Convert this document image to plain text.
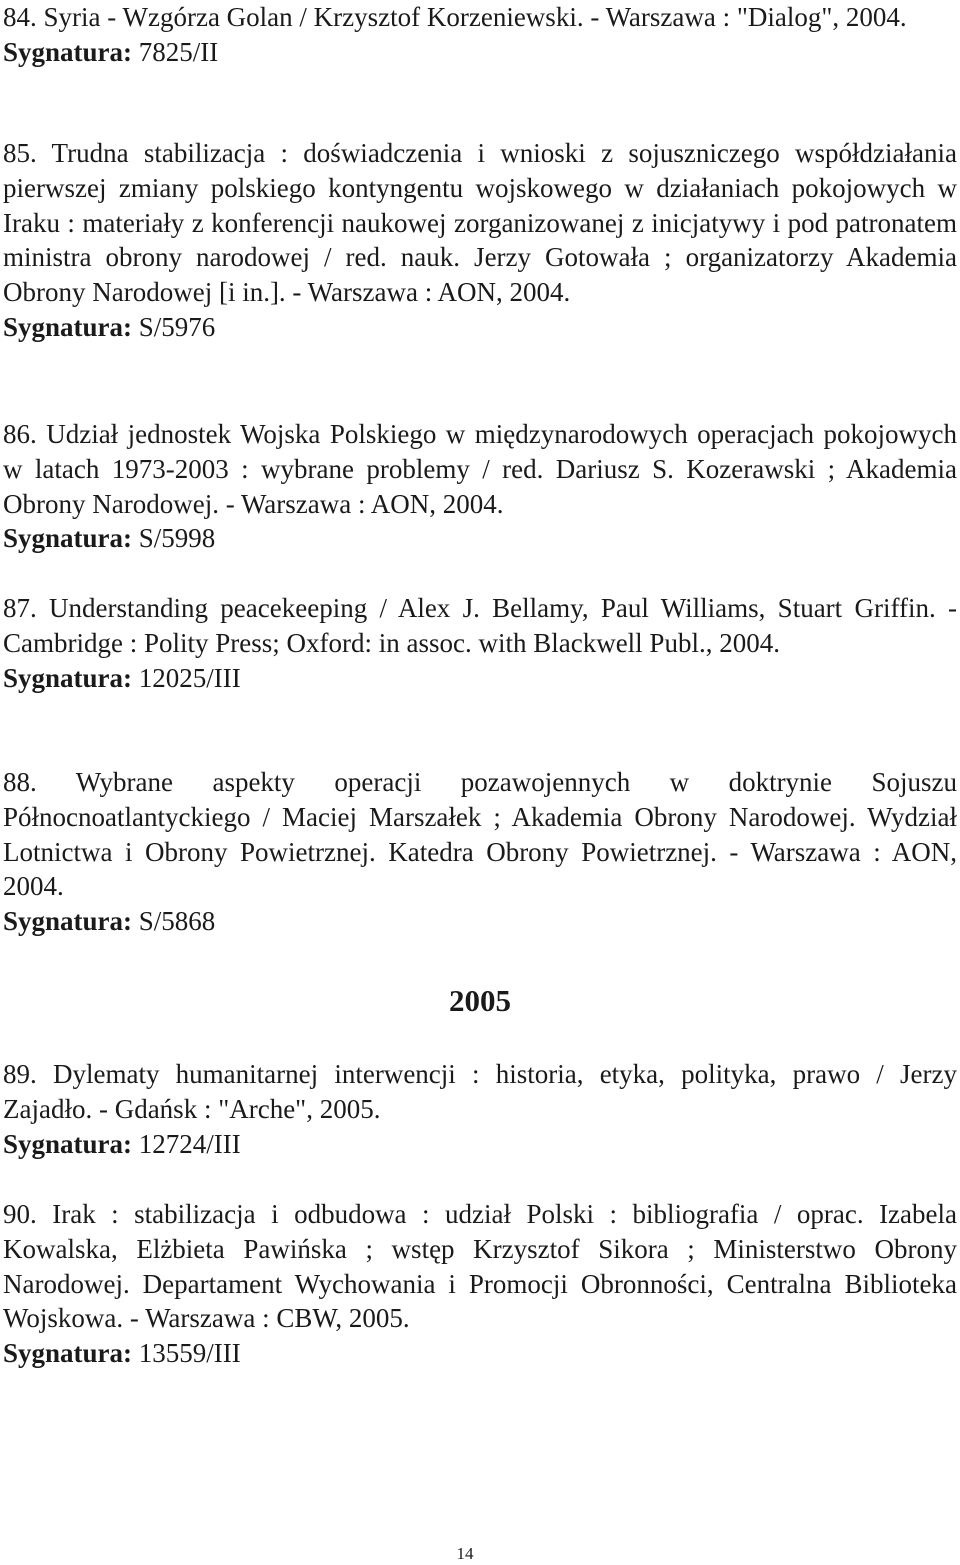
84. Syria - Wzgórza Golan / Krzysztof Korzeniewski. - Warszawa : "Dialog", 2004.

Sygnatura: 7825/II

85. Trudna stabilizacja : doświadczenia i wnioski z sojuszniczego współdziałania pierwszej zmiany polskiego kontyngentu wojskowego w działaniach pokojowych w Iraku : materiały z konferencji naukowej zorganizowanej z inicjatywy i pod patronatem ministra obrony narodowej / red. nauk. Jerzy Gotowała ; organizatorzy Akademia Obrony Narodowej [i in.]. - Warszawa : AON, 2004.

Sygnatura: S/5976

86. Udział jednostek Wojska Polskiego w międzynarodowych operacjach pokojowych w latach 1973-2003 : wybrane problemy / red. Dariusz S. Kozerawski ; Akademia Obrony Narodowej. - Warszawa : AON, 2004.

Sygnatura: S/5998

87. Understanding peacekeeping / Alex J. Bellamy, Paul Williams, Stuart Griffin. - Cambridge : Polity Press; Oxford: in assoc. with Blackwell Publ., 2004.

Sygnatura: 12025/III

88. Wybrane aspekty operacji pozawojennych w doktrynie Sojuszu Północnoatlantyckiego / Maciej Marszałek ; Akademia Obrony Narodowej. Wydział Lotnictwa i Obrony Powietrznej. Katedra Obrony Powietrznej. - Warszawa : AON, 2004.

Sygnatura: S/5868

2005

89. Dylematy humanitarnej interwencji : historia, etyka, polityka, prawo / Jerzy Zajadło. - Gdańsk : "Arche", 2005.

Sygnatura: 12724/III

90. Irak : stabilizacja i odbudowa : udział Polski : bibliografia / oprac. Izabela Kowalska, Elżbieta Pawińska ; wstęp Krzysztof Sikora ; Ministerstwo Obrony Narodowej. Departament Wychowania i Promocji Obronności, Centralna Biblioteka Wojskowa. - Warszawa : CBW, 2005.

Sygnatura: 13559/III

14
